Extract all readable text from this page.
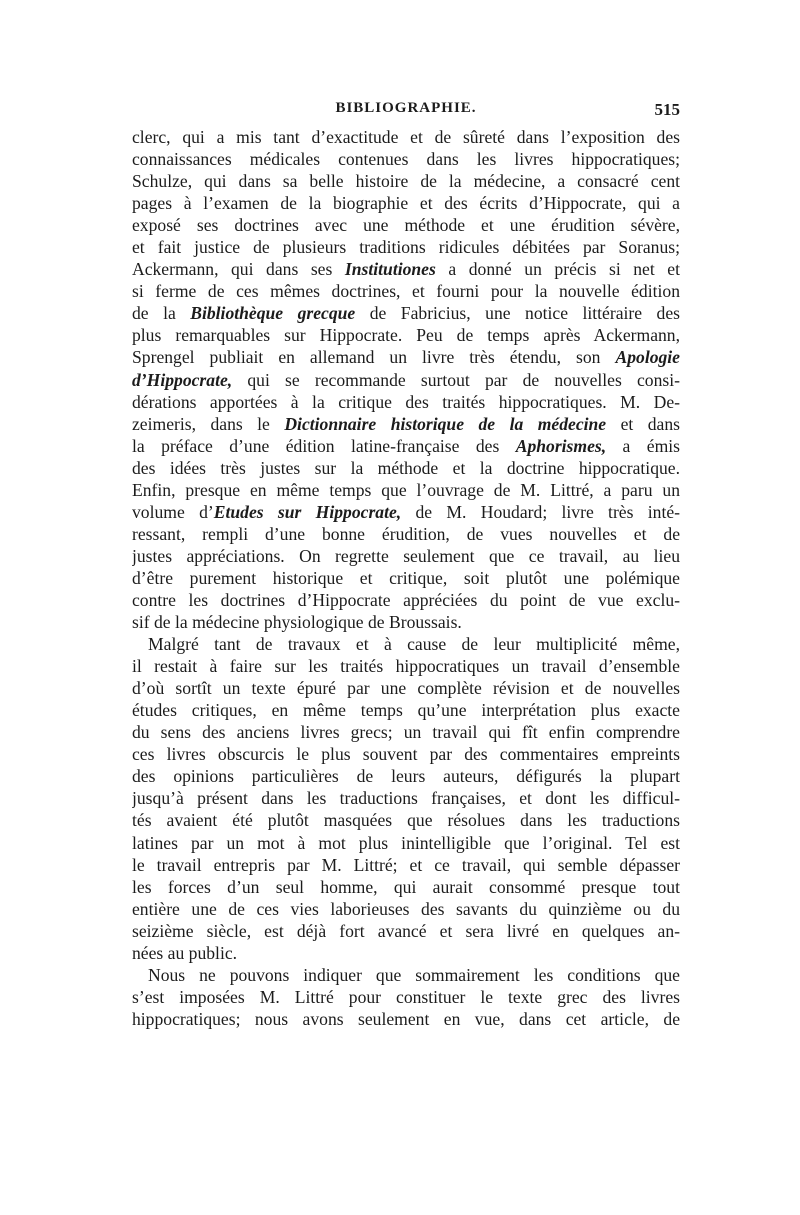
BIBLIOGRAPHIE.	515
clerc, qui a mis tant d’exactitude et de sûreté dans l’exposition des
connaissances médicales contenues dans les livres hippocratiques;
Schulze, qui dans sa belle histoire de la médecine, a consacré cent
pages à l’examen de la biographie et des écrits d’Hippocrate, qui a
exposé ses doctrines avec une méthode et une érudition sévère,
et fait justice de plusieurs traditions ridicules débitées par Soranus;
Ackermann, qui dans ses Institutiones a donné un précis si net et
si ferme de ces mêmes doctrines, et fourni pour la nouvelle édition
de la Bibliothèque grecque de Fabricius, une notice littéraire des
plus remarquables sur Hippocrate. Peu de temps après Ackermann,
Sprengel publiait en allemand un livre très étendu, son Apologie
d’Hippocrate, qui se recommande surtout par de nouvelles consi-
dérations apportées à la critique des traités hippocratiques. M. De-
zeimeris, dans le Dictionnaire historique de la médecine et dans
la préface d’une édition latine-française des Aphorismes, a émis
des idées très justes sur la méthode et la doctrine hippocratique.
Enfin, presque en même temps que l’ouvrage de M. Littré, a paru un
volume d’Etudes sur Hippocrate, de M. Houdard; livre très inté-
ressant, rempli d’une bonne érudition, de vues nouvelles et de
justes appréciations. On regrette seulement que ce travail, au lieu
d’être purement historique et critique, soit plutôt une polémique
contre les doctrines d’Hippocrate appréciées du point de vue exclu-
sif de la médecine physiologique de Broussais.
Malgré tant de travaux et à cause de leur multiplicité même,
il restait à faire sur les traités hippocratiques un travail d’ensemble
d’où sortît un texte épuré par une complète révision et de nouvelles
études critiques, en même temps qu’une interprétation plus exacte
du sens des anciens livres grecs; un travail qui fît enfin comprendre
ces livres obscurcis le plus souvent par des commentaires empreints
des opinions particulières de leurs auteurs, défigurés la plupart
jusqu’à présent dans les traductions françaises, et dont les difficul-
tés avaient été plutôt masquées que résolues dans les traductions
latines par un mot à mot plus inintelligible que l’original. Tel est
le travail entrepris par M. Littré; et ce travail, qui semble dépasser
les forces d’un seul homme, qui aurait consommé presque tout
entière une de ces vies laborieuses des savants du quinzième ou du
seizième siècle, est déjà fort avancé et sera livré en quelques an-
nées au public.
Nous ne pouvons indiquer que sommairement les conditions que
s’est imposées M. Littré pour constituer le texte grec des livres
hippocratiques; nous avons seulement en vue, dans cet article, de
